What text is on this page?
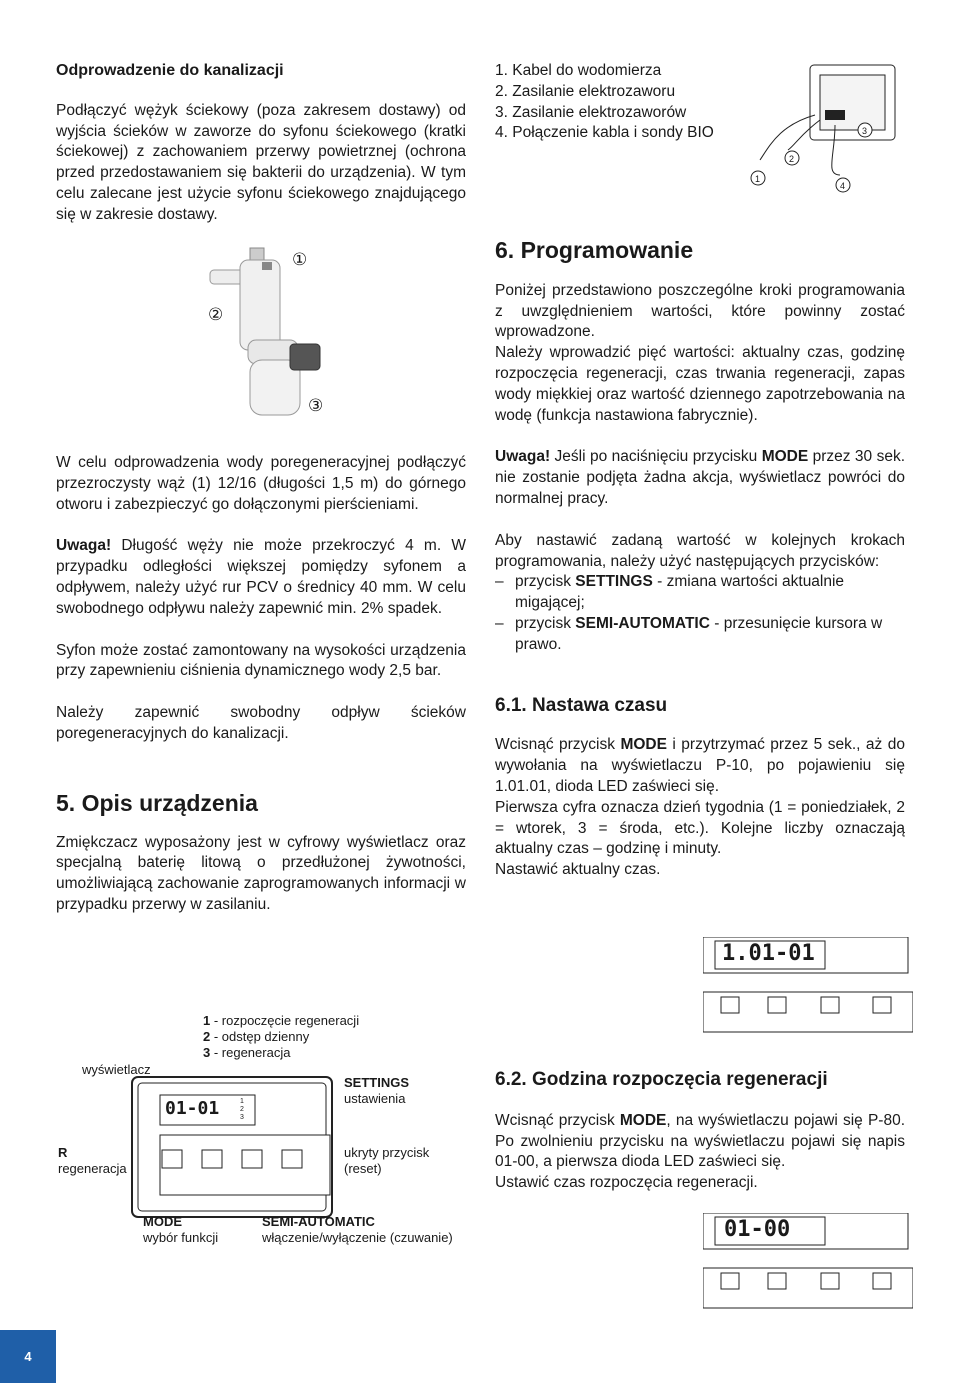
Odprowadzenie do kanalizacji

Podłączyć wężyk ściekowy (poza zakresem dostawy) od wyjścia ścieków w zaworze do syfonu ściekowego (kratki ściekowej) z zachowaniem przerwy powietrznej (ochrona przed przedostawaniem się bakterii do urządzenia). W tym celu zalecane jest użycie syfonu ściekowego znajdującego się w zakresie dostawy.

①
②
③

W celu odprowadzenia wody poregeneracyjnej podłączyć przezroczysty wąż (1) 12/16 (długości 1,5 m) do górnego otworu i zabezpieczyć go dołączonymi pierścieniami.

Uwaga! Długość węży nie może przekroczyć 4 m. W przypadku odległości większej pomiędzy syfonem a odpływem, należy użyć rur PCV o średnicy 40 mm. W celu swobodnego odpływu należy zapewnić min. 2% spadek.

Syfon może zostać zamontowany na wysokości urządzenia przy zapewnieniu ciśnienia dynamicznego wody 2,5 bar.

Należy zapewnić swobodny odpływ ścieków poregeneracyjnych do kanalizacji.

5. Opis urządzenia

Zmiękczacz wyposażony jest w cyfrowy wyświetlacz oraz specjalną baterię litową o przedłużonej żywotności, umożliwiającą zachowanie zaprogramowanych informacji w przypadku przerwy w zasilaniu.

01-01	1
2
3
1 - rozpoczęcie regeneracji
2 - odstęp dzienny
3 - regeneracja
wyświetlacz
SETTINGS
ustawienia
R
regeneracja
ukryty przycisk (reset)
MODE
wybór funkcji
SEMI-AUTOMATIC
włączenie/wyłączenie (czuwanie)
1. Kabel do wodomierza
2. Zasilanie elektrozaworu
3. Zasilanie elektrozaworów
4. Połączenie kabla i sondy BIO
1
2
3
4
6. Programowanie

Poniżej przedstawiono poszczególne kroki programowania z uwzględnieniem wartości, które powinny zostać wprowadzone.

Należy wprowadzić pięć wartości: aktualny czas, godzinę rozpoczęcia regeneracji, czas trwania regeneracji, zapas wody miękkiej oraz wartość dziennego zapotrzebowania na wodę (funkcja nastawiona fabrycznie).

Uwaga! Jeśli po naciśnięciu przycisku MODE przez 30 sek. nie zostanie podjęta żadna akcja, wyświetlacz powróci do normalnej pracy.

Aby nastawić zadaną wartość w kolejnych krokach programowania, należy użyć następujących przycisków:

– przycisk SETTINGS - zmiana wartości aktualnie migającej;
– przycisk SEMI-AUTOMATIC - przesunięcie kursora w prawo.
6.1. Nastawa czasu

Wcisnąć przycisk MODE i przytrzymać przez 5 sek., aż do wywołania na wyświetlaczu P-10, po pojawieniu się 1.01.01, dioda LED zaświeci się.

Pierwsza cyfra oznacza dzień tygodnia (1 = poniedziałek, 2 = wtorek, 3 = środa, etc.). Kolejne liczby oznaczają aktualny czas – godzinę i minuty.

Nastawić aktualny czas.

1.01-01
6.2. Godzina rozpoczęcia regeneracji

Wcisnąć przycisk MODE, na wyświetlaczu pojawi się P-80. Po zwolnieniu przycisku na wyświetlaczu pojawi się napis 01-00, a pierwsza dioda LED zaświeci się.

Ustawić czas rozpoczęcia regeneracji.

01-00
4
